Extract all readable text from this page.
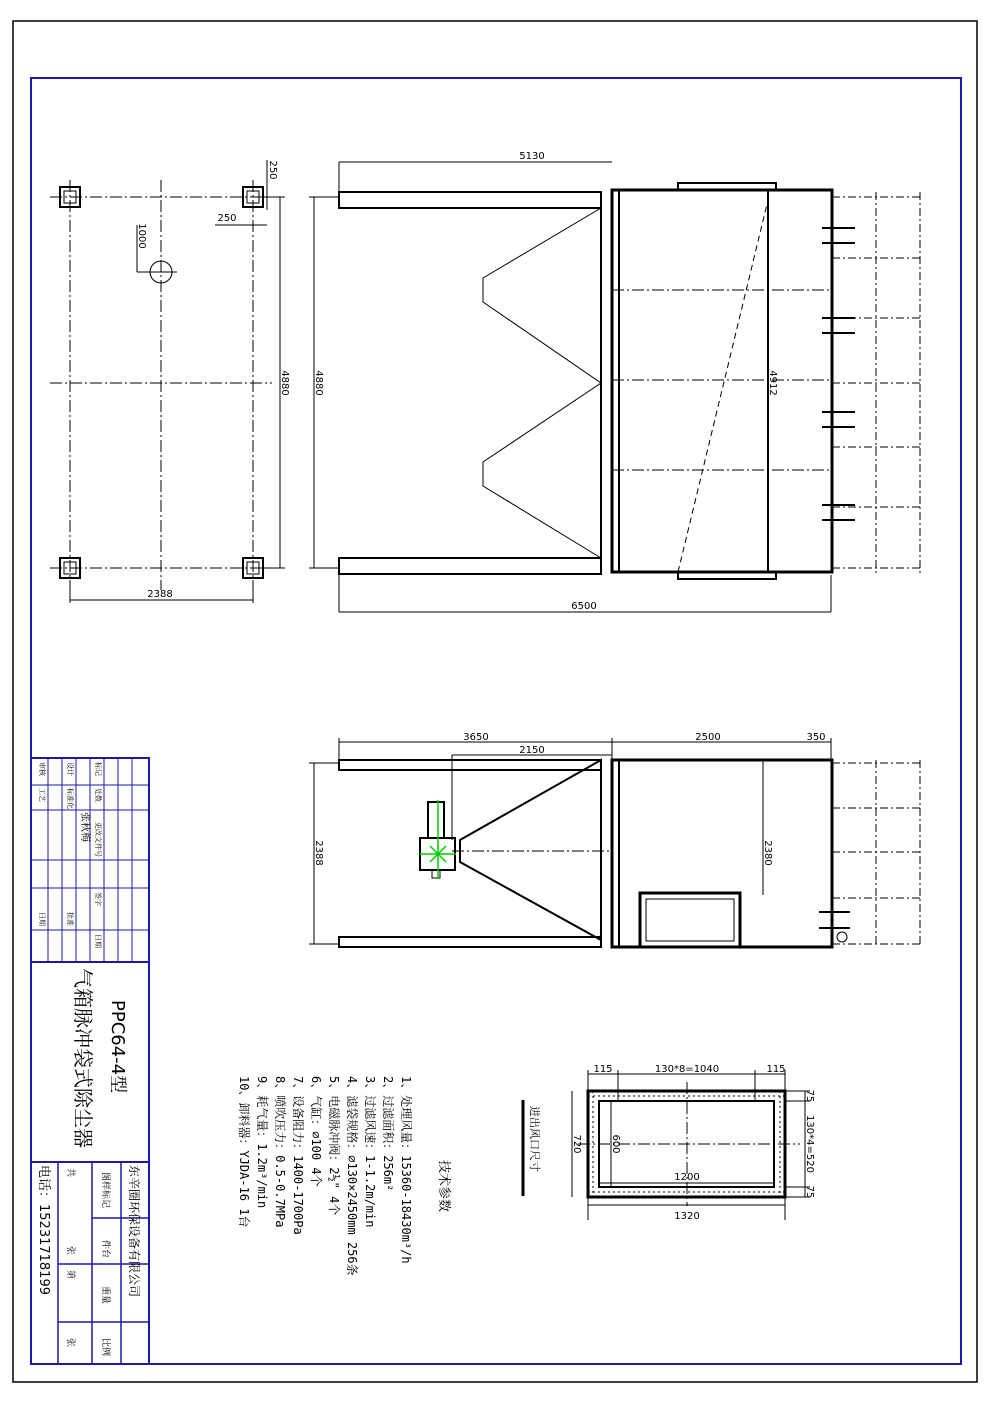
2388
4880
250
250
1000
6500
5130
4880	4912
3650
2150
2500	350
2388	2380
115	130*8=1040	115
75
130*4=520
75
720	600
1200
1320
进出风口尺寸
技术参数
1、处理风量：15360-18430m³/h
2、过滤面积：256m²
3、过滤风速：1-1.2m/min
4、滤袋规格：⌀130×2450mm 256条
5、电磁脉冲阀：2½" 4个
6、气缸：⌀100 4个
7、设备阻力：1400-1700Pa
8、喷吹压力：0.5-0.7MPa
9、耗气量：1.2m³/min
10、卸料器：YJDA-16 1台
标记
处数
更改文件号
签字
日期
设计
标准化
审核
工艺
批准
日期
张秋梅
PPC64-4型
气箱脉冲袋式除尘器
东辛圈环保设备有限公司
电话：15231718199	图样标记
件台
重量
比例
共
张
第
张
